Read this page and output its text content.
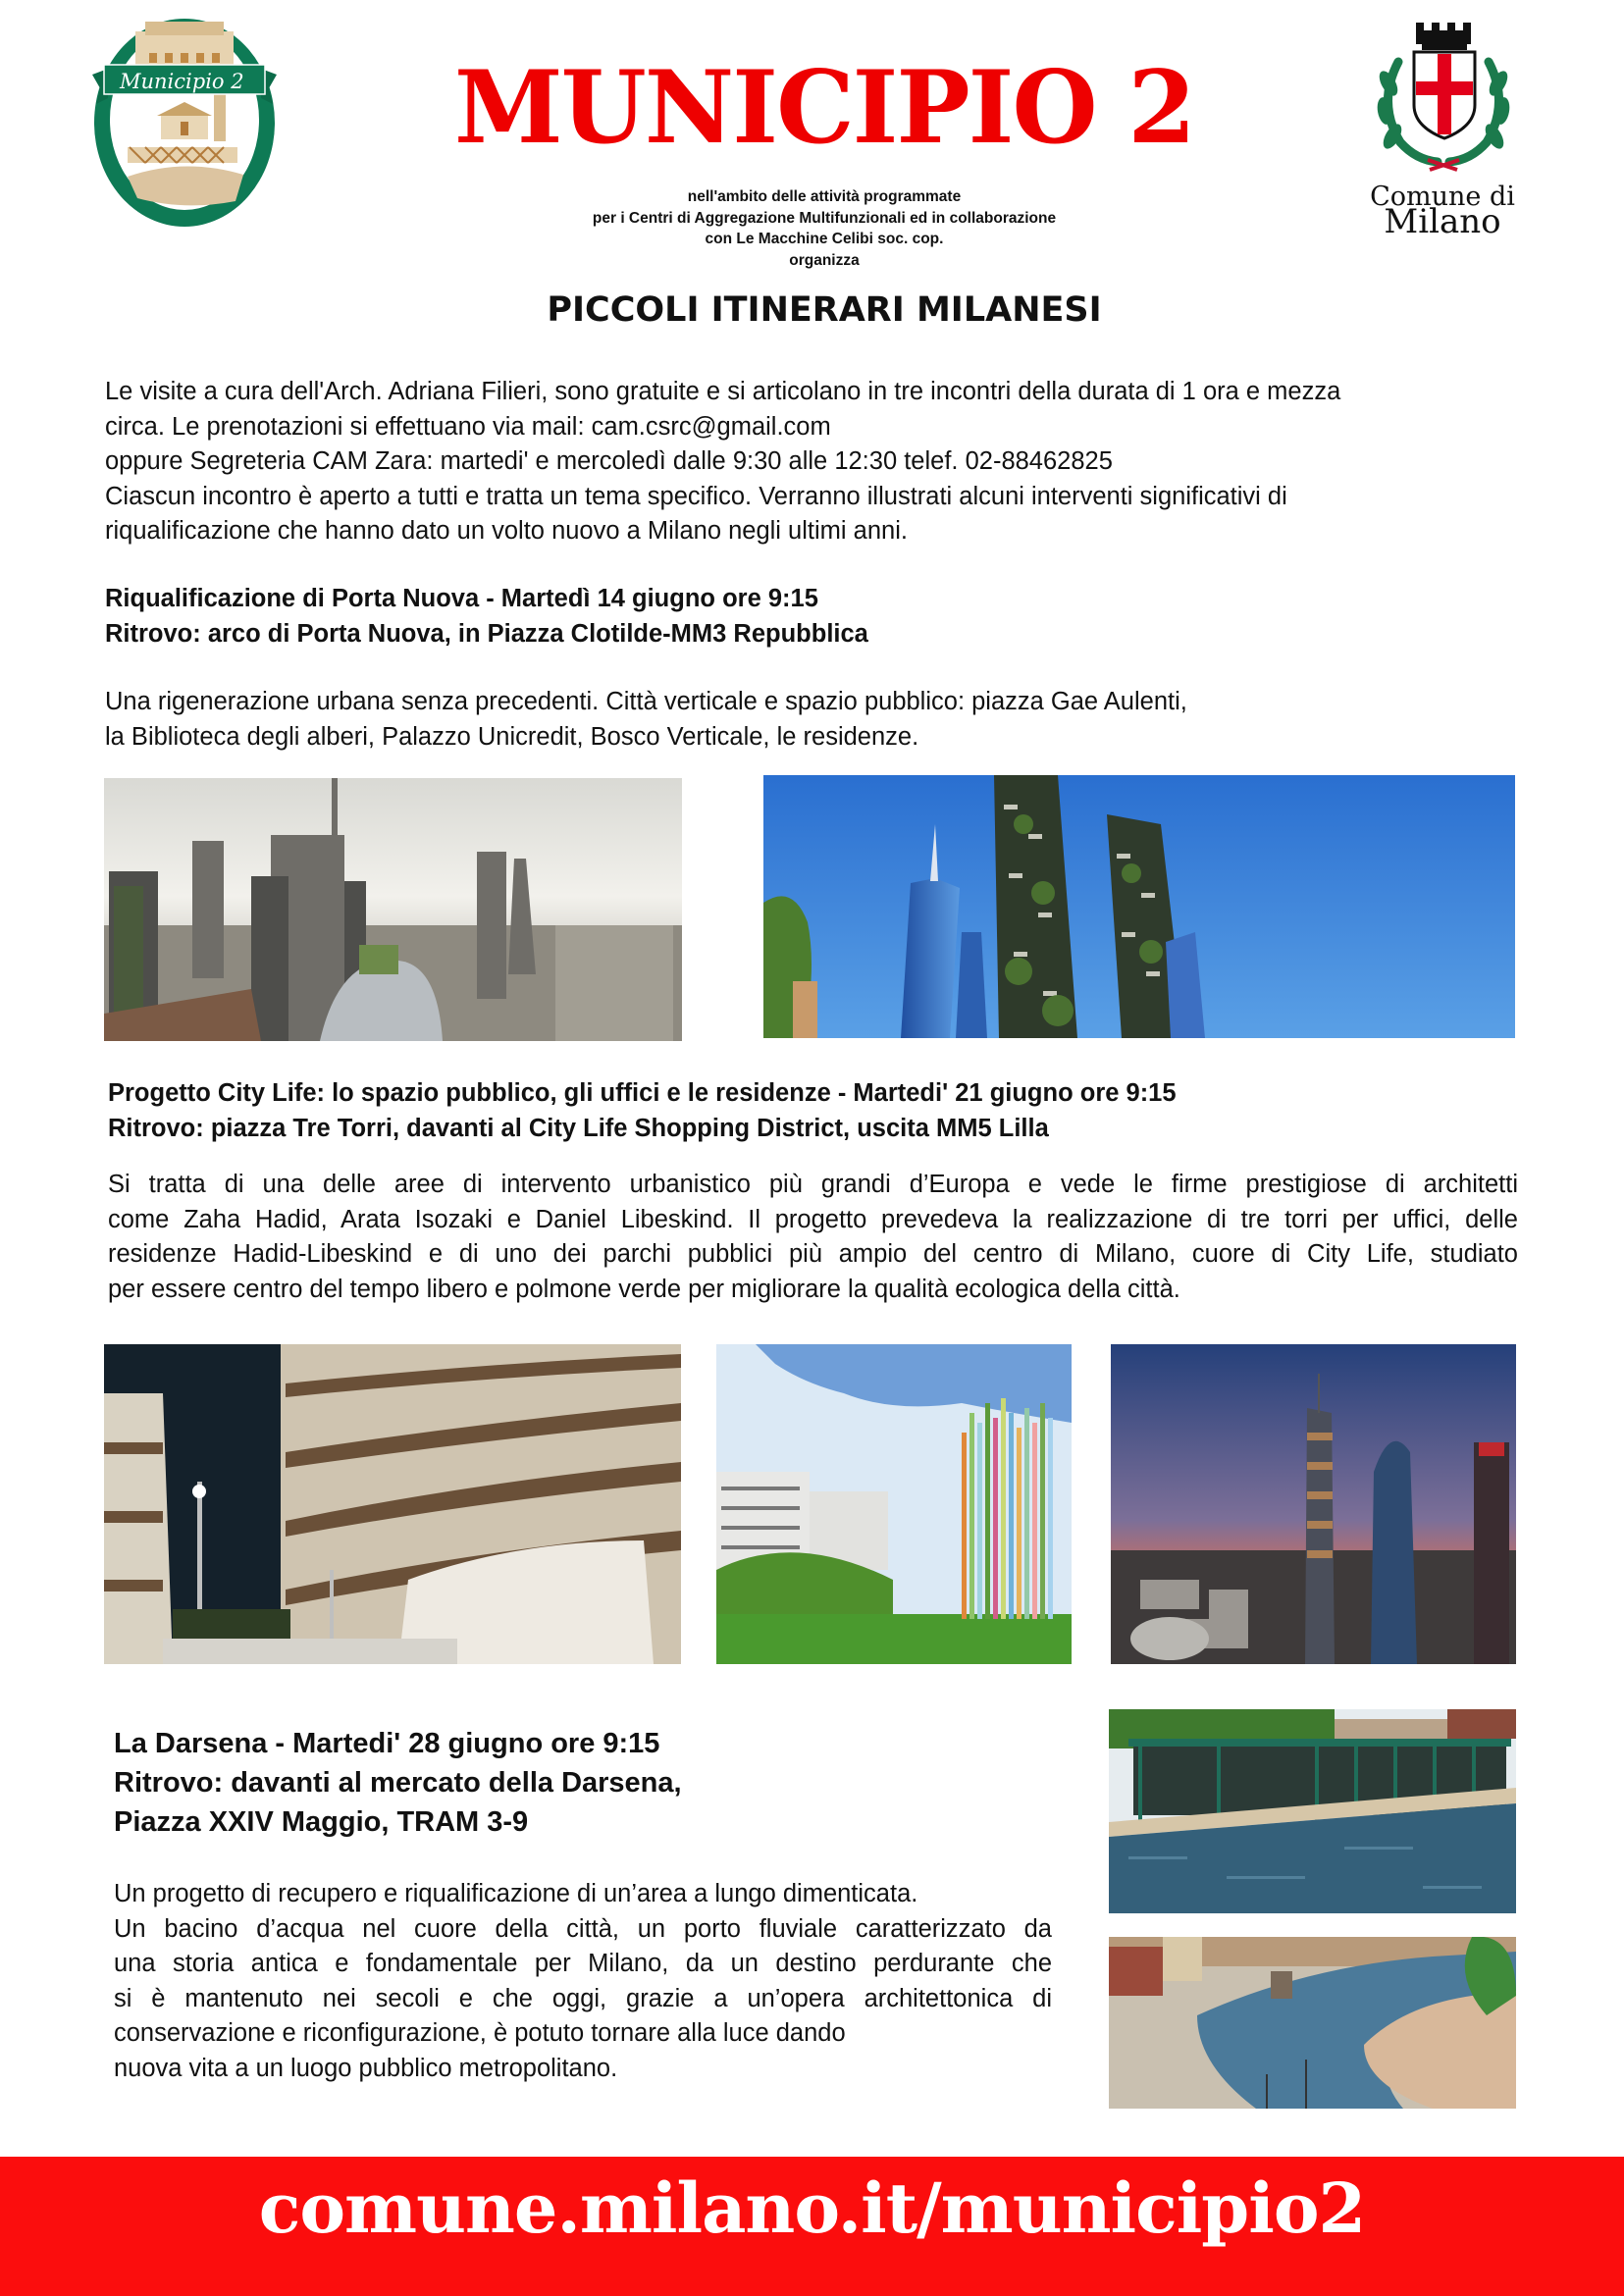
Municipio 2 MUNICIPIO 2
nell'ambito delle attività programmate
per i Centri di Aggregazione Multifunzionali ed in collaborazione
con Le Macchine Celibi soc. cop.
organizza
Comune di
Milano
PICCOLI ITINERARI MILANESI
Le visite a cura dell'Arch. Adriana Filieri, sono gratuite e si articolano in tre incontri della durata di 1 ora e mezza
circa. Le prenotazioni si effettuano via mail: cam.csrc@gmail.com
oppure Segreteria CAM Zara: martedi' e mercoledì dalle 9:30 alle 12:30 telef. 02-88462825
Ciascun incontro è aperto a tutti e tratta un tema specifico. Verranno illustrati alcuni interventi significativi di
riqualificazione che hanno dato un volto nuovo a Milano negli ultimi anni.
Riqualificazione di Porta Nuova - Martedì 14 giugno ore 9:15
Ritrovo: arco di Porta Nuova, in Piazza Clotilde-MM3 Repubblica
Una rigenerazione urbana senza precedenti. Città verticale e spazio pubblico: piazza Gae Aulenti,
la Biblioteca degli alberi, Palazzo Unicredit, Bosco Verticale, le residenze.
Progetto City Life: lo spazio pubblico, gli uffici e le residenze - Martedi' 21 giugno ore 9:15
Ritrovo: piazza Tre Torri, davanti al City Life Shopping District, uscita MM5 Lilla
Si tratta di una delle aree di intervento urbanistico più grandi d’Europa e vede le firme prestigiose di architetti
come Zaha Hadid, Arata Isozaki e Daniel Libeskind. Il progetto prevedeva la realizzazione di tre torri per uffici, delle
residenze Hadid-Libeskind e di uno dei parchi pubblici più ampio del centro di Milano, cuore di City Life, studiato
per essere centro del tempo libero e polmone verde per migliorare la qualità ecologica della città.
La Darsena - Martedi' 28 giugno ore 9:15
Ritrovo: davanti al mercato della Darsena,
Piazza XXIV Maggio, TRAM 3-9
Un progetto di recupero e riqualificazione di un’area a lungo dimenticata.
Un bacino d’acqua nel cuore della città, un porto fluviale caratterizzato da
una storia antica e fondamentale per Milano, da un destino perdurante che
si è mantenuto nei secoli e che oggi, grazie a un’opera architettonica di
conservazione e riconfigurazione, è potuto tornare alla luce dando
nuova vita a un luogo pubblico metropolitano.
comune.milano.it/municipio2
